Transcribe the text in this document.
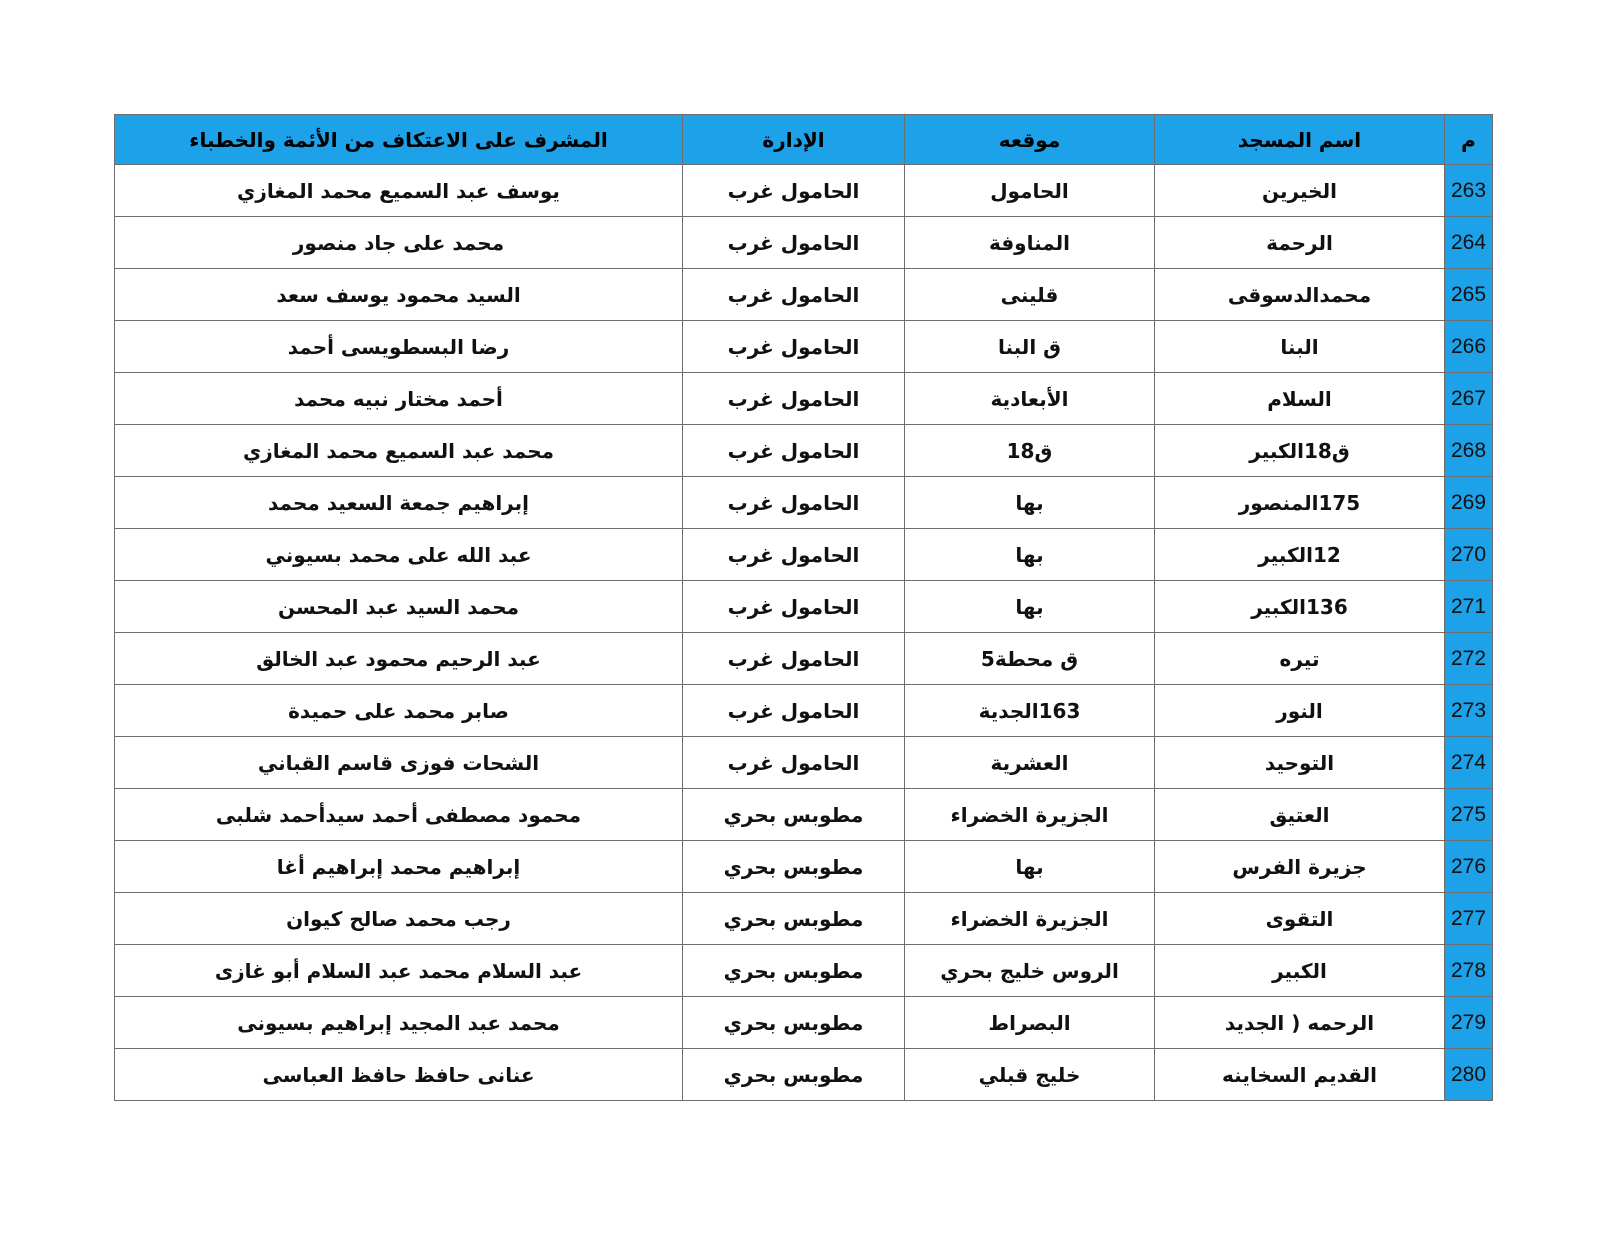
م	اسم المسجد	موقعه	الإدارة	المشرف على الاعتكاف من الأئمة والخطباء
263	الخيرين	الحامول	الحامول غرب	يوسف عبد السميع محمد المغازي
264	الرحمة	المناوفة	الحامول غرب	محمد على جاد منصور
265	محمدالدسوقى	قلينى	الحامول غرب	السيد محمود يوسف سعد
266	البنا	ق البنا	الحامول غرب	رضا البسطويسى أحمد
267	السلام	الأبعادية	الحامول غرب	أحمد مختار نبيه محمد
268	ق18الكبير	ق18	الحامول غرب	محمد عبد السميع محمد المغازي
269	175المنصور	بها	الحامول غرب	إبراهيم جمعة السعيد محمد
270	12الكبير	بها	الحامول غرب	عبد الله على محمد بسيوني
271	136الكبير	بها	الحامول غرب	محمد السيد عبد المحسن
272	تيره	ق محطة5	الحامول غرب	عبد الرحيم محمود عبد الخالق
273	النور	163الجدية	الحامول غرب	صابر محمد على حميدة
274	التوحيد	العشرية	الحامول غرب	الشحات فوزى قاسم القباني
275	العتيق	الجزيرة الخضراء	مطوبس بحري	محمود مصطفى أحمد سيدأحمد شلبى
276	جزيرة الفرس	بها	مطوبس بحري	إبراهيم محمد إبراهيم أغا
277	التقوى	الجزيرة الخضراء	مطوبس بحري	رجب محمد صالح كيوان
278	الكبير	الروس خليج بحري	مطوبس بحري	عبد السلام محمد عبد السلام أبو غازى
279	الرحمه ( الجديد	البصراط	مطوبس بحري	محمد عبد المجيد إبراهيم بسيونى
280	القديم السخاينه	خليج قبلي	مطوبس بحري	عنانى حافظ حافظ العباسى
